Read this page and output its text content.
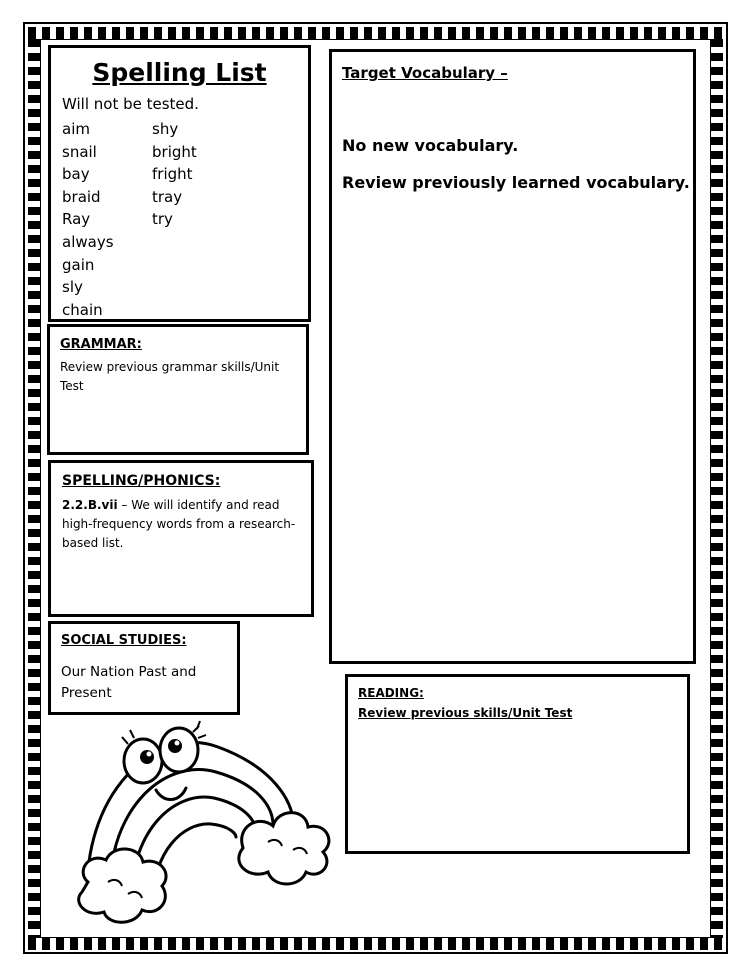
Spelling List
Will not be tested.
aim
snail
bay
braid
Ray
always
gain
sly
chain
shy
bright
fright
tray
try
GRAMMAR:
Review previous grammar skills/Unit Test
SPELLING/PHONICS:
2.2.B.vii – We will identify and read high-frequency words from a research-based list.
SOCIAL STUDIES:
Our Nation Past and Present
Target Vocabulary –
No new vocabulary.
Review previously learned vocabulary.
READING:
Review previous skills/Unit Test
